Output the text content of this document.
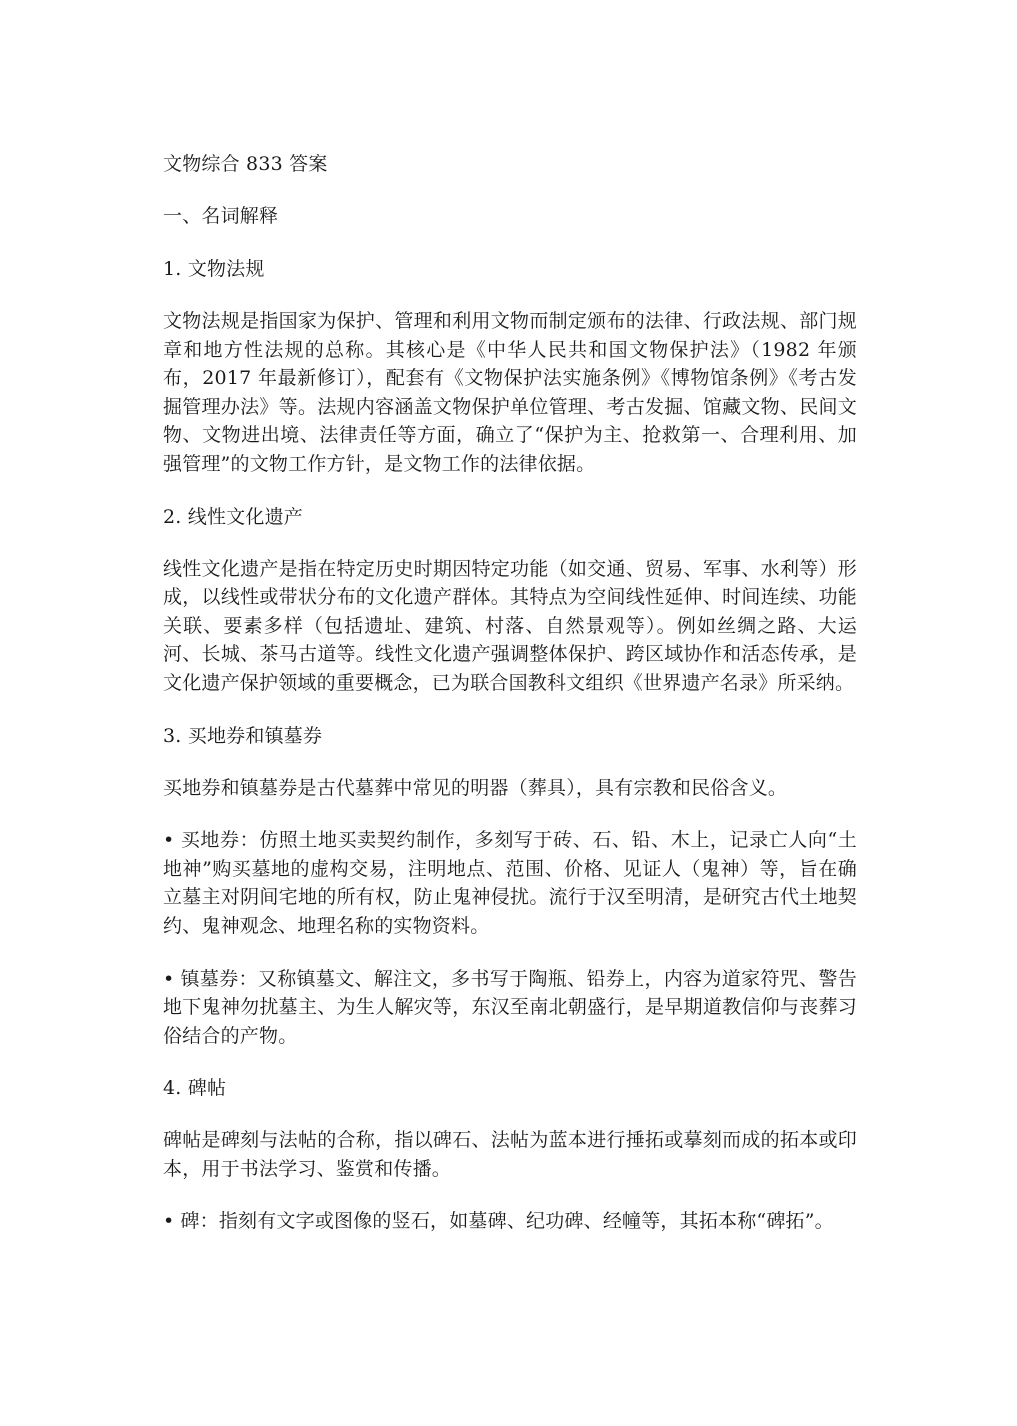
文物综合 833 答案
一、名词解释
1. 文物法规
文物法规是指国家为保护、管理和利用文物而制定颁布的法律、行政法规、部门规章和地方性法规的总称。其核心是《中华人民共和国文物保护法》（1982 年颁布，2017 年最新修订），配套有《文物保护法实施条例》《博物馆条例》《考古发掘管理办法》等。法规内容涵盖文物保护单位管理、考古发掘、馆藏文物、民间文物、文物进出境、法律责任等方面，确立了“保护为主、抢救第一、合理利用、加强管理”的文物工作方针，是文物工作的法律依据。
2. 线性文化遗产
线性文化遗产是指在特定历史时期因特定功能（如交通、贸易、军事、水利等）形成，以线性或带状分布的文化遗产群体。其特点为空间线性延伸、时间连续、功能关联、要素多样（包括遗址、建筑、村落、自然景观等）。例如丝绸之路、大运河、长城、茶马古道等。线性文化遗产强调整体保护、跨区域协作和活态传承，是文化遗产保护领域的重要概念，已为联合国教科文组织《世界遗产名录》所采纳。
3. 买地券和镇墓券
买地券和镇墓券是古代墓葬中常见的明器（葬具），具有宗教和民俗含义。
• 买地券：仿照土地买卖契约制作，多刻写于砖、石、铅、木上，记录亡人向“土地神”购买墓地的虚构交易，注明地点、范围、价格、见证人（鬼神）等，旨在确立墓主对阴间宅地的所有权，防止鬼神侵扰。流行于汉至明清，是研究古代土地契约、鬼神观念、地理名称的实物资料。
• 镇墓券：又称镇墓文、解注文，多书写于陶瓶、铅券上，内容为道家符咒、警告地下鬼神勿扰墓主、为生人解灾等，东汉至南北朝盛行，是早期道教信仰与丧葬习俗结合的产物。
4. 碑帖
碑帖是碑刻与法帖的合称，指以碑石、法帖为蓝本进行捶拓或摹刻而成的拓本或印本，用于书法学习、鉴赏和传播。
• 碑：指刻有文字或图像的竖石，如墓碑、纪功碑、经幢等，其拓本称“碑拓”。
